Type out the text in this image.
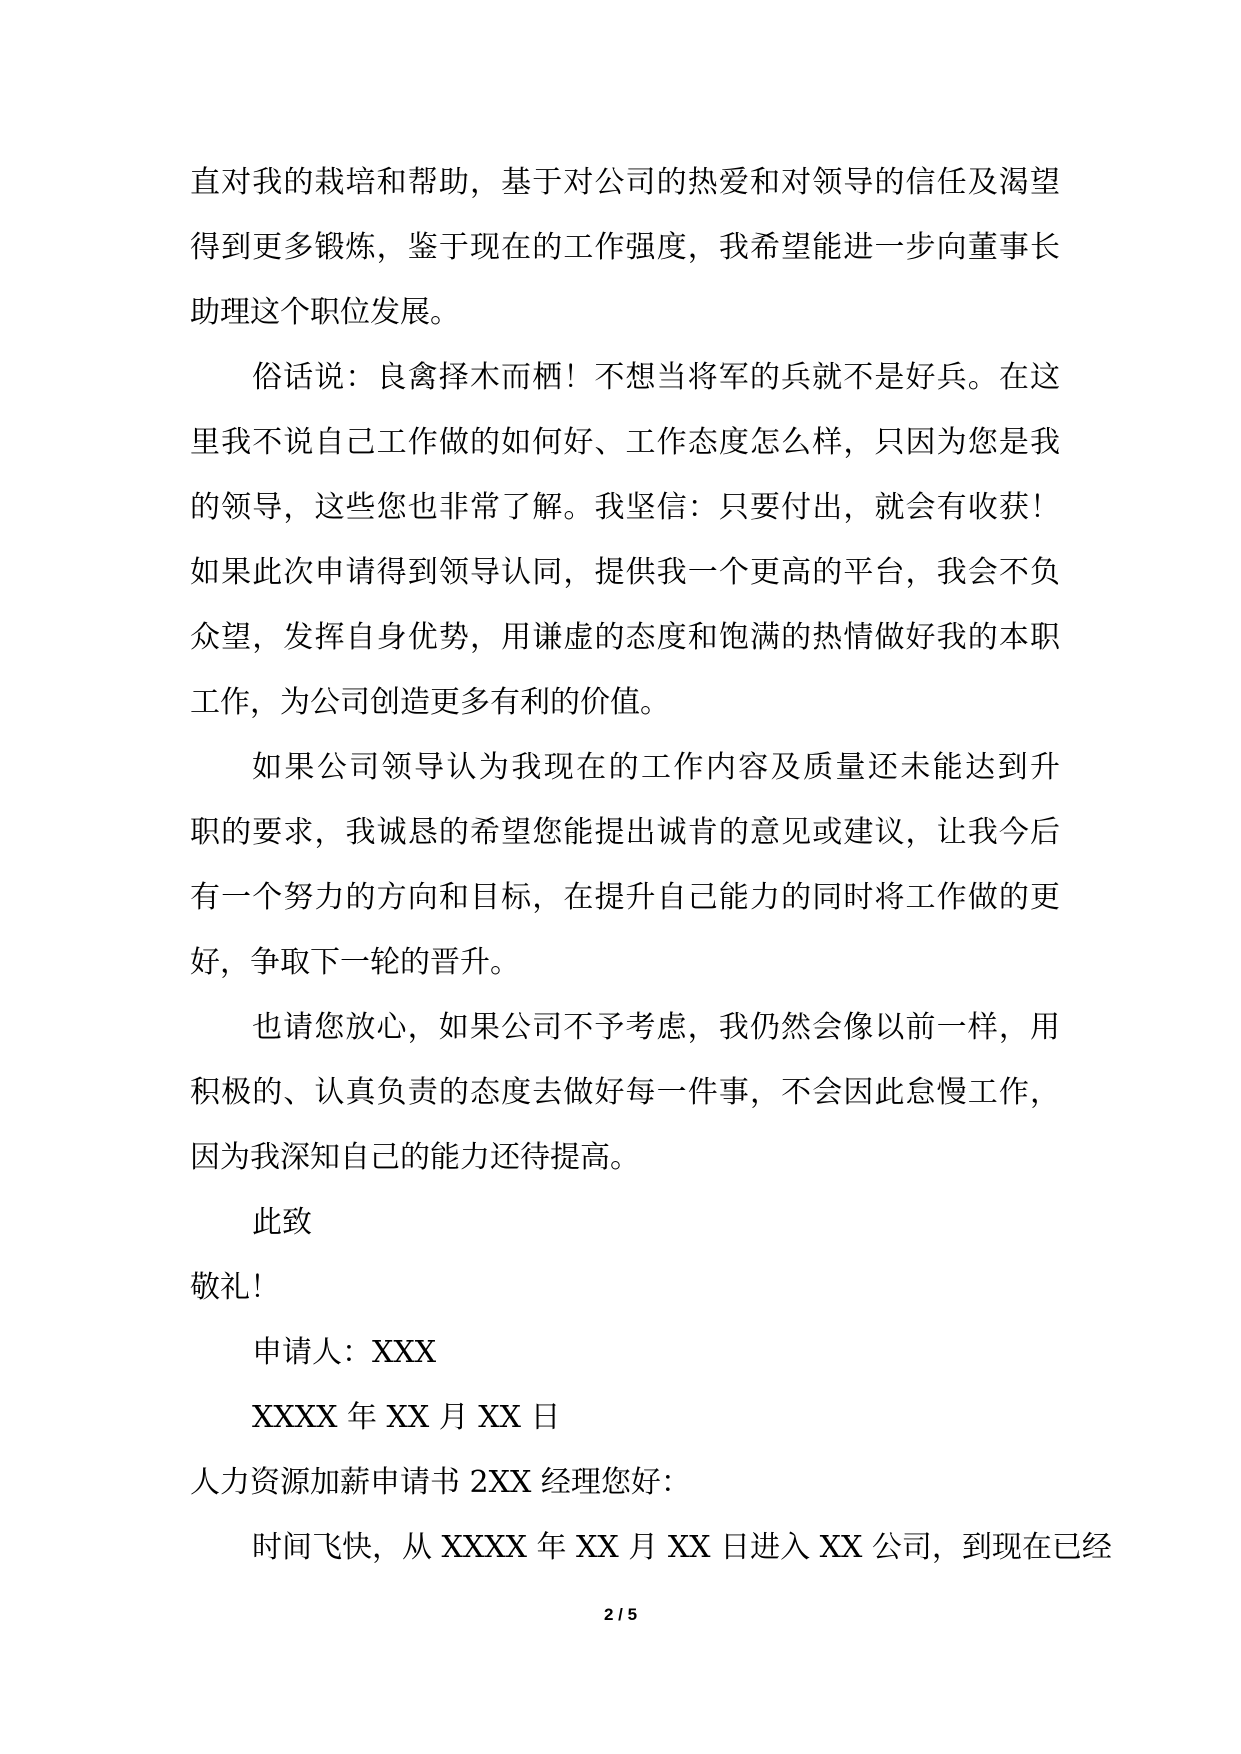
直对我的栽培和帮助，基于对公司的热爱和对领导的信任及渴望
得到更多锻炼，鉴于现在的工作强度，我希望能进一步向董事长
助理这个职位发展。
俗话说：良禽择木而栖！不想当将军的兵就不是好兵。在这
里我不说自己工作做的如何好、工作态度怎么样，只因为您是我
的领导，这些您也非常了解。我坚信：只要付出，就会有收获！
如果此次申请得到领导认同，提供我一个更高的平台，我会不负
众望，发挥自身优势，用谦虚的态度和饱满的热情做好我的本职
工作，为公司创造更多有利的价值。
如果公司领导认为我现在的工作内容及质量还未能达到升
职的要求，我诚恳的希望您能提出诚肯的意见或建议，让我今后
有一个努力的方向和目标，在提升自己能力的同时将工作做的更
好，争取下一轮的晋升。
也请您放心，如果公司不予考虑，我仍然会像以前一样，用
积极的、认真负责的态度去做好每一件事，不会因此怠慢工作，
因为我深知自己的能力还待提高。
此致
敬礼！
申请人：XXX
XXXX 年 XX 月 XX 日
人力资源加薪申请书 2XX 经理您好：
时间飞快，从 XXXX 年 XX 月 XX 日进入 XX 公司，到现在已经
2 / 5
